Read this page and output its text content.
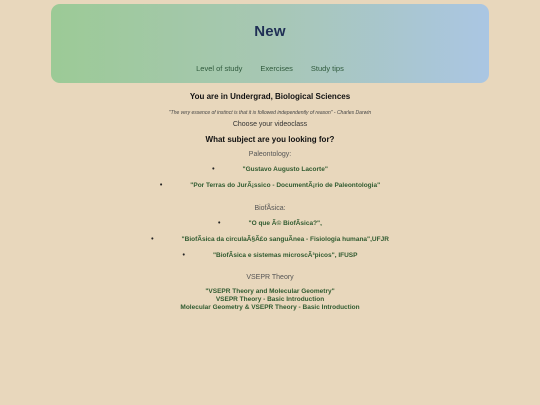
New
Level of study Exercises Study tips
You are in Undergrad, Biological Sciences
"The very essence of instinct is that it is followed independently of reason" - Charles Darwin
Choose your videoclass
What subject are you looking for?
Paleontology:
•	"Gustavo Augusto Lacorte"
•	"Por Terras do JurÃ¡ssico - DocumentÃ¡rio de Paleontologia"
BiofÃsica:
•	"O que Ã© BiofÃsica?",
•	"BiofÃsica da circulaÃ§Ã£o sanguÃnea - Fisiologia humana",UFJR
•	"BiofÃsica e sistemas microscÃ³picos", IFUSP
VSEPR Theory
"VSEPR Theory and Molecular Geometry"
VSEPR Theory - Basic Introduction
Molecular Geometry & VSEPR Theory - Basic Introduction
